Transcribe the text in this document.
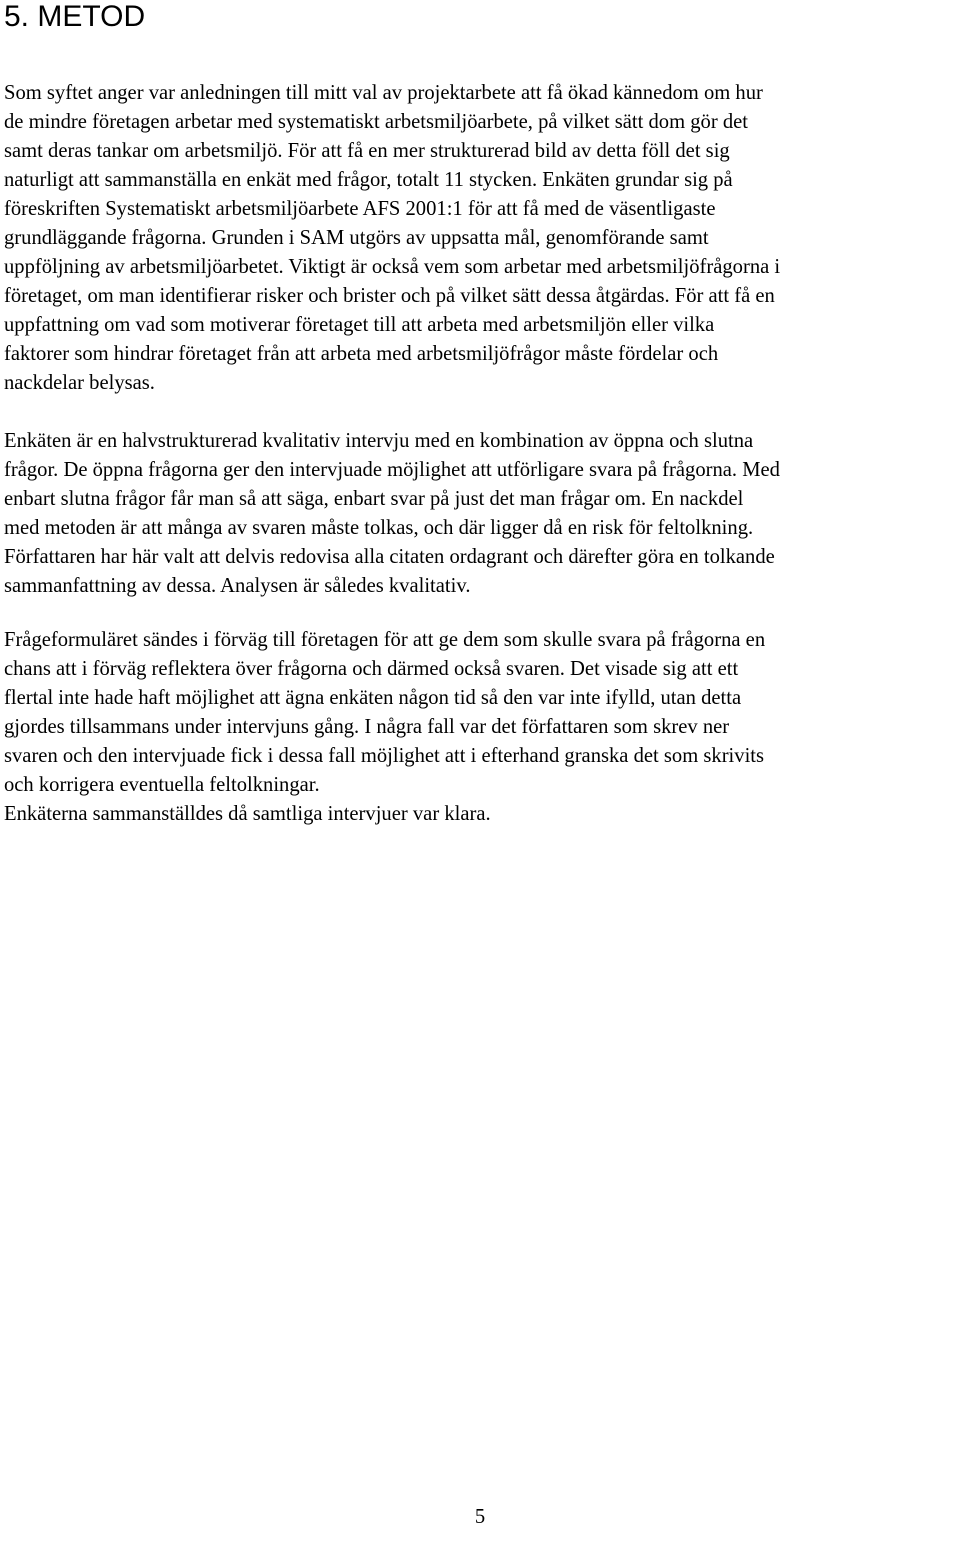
5. METOD

Som syftet anger var anledningen till mitt val av projektarbete att få ökad kännedom om hur

de mindre företagen arbetar med systematiskt arbetsmiljöarbete, på vilket sätt dom gör det

samt deras tankar om arbetsmiljö. För att få en mer strukturerad bild av detta föll det sig

naturligt att sammanställa en enkät med frågor, totalt 11 stycken. Enkäten grundar sig på

föreskriften Systematiskt arbetsmiljöarbete AFS 2001:1 för att få med de väsentligaste

grundläggande frågorna. Grunden i SAM utgörs av uppsatta mål, genomförande samt

uppföljning av arbetsmiljöarbetet. Viktigt är också vem som arbetar med arbetsmiljöfrågorna i

företaget, om man identifierar risker och brister och på vilket sätt dessa åtgärdas. För att få en

uppfattning om vad som motiverar företaget till att arbeta med arbetsmiljön eller vilka

faktorer som hindrar företaget från att arbeta med arbetsmiljöfrågor måste fördelar och

nackdelar belysas.

Enkäten är en halvstrukturerad kvalitativ intervju med en kombination av öppna och slutna

frågor. De öppna frågorna ger den intervjuade möjlighet att utförligare svara på frågorna. Med

enbart slutna frågor får man så att säga, enbart svar på just det man frågar om. En nackdel

med metoden är att många av svaren måste tolkas, och där ligger då en risk för feltolkning.

Författaren har här valt att delvis redovisa alla citaten ordagrant och därefter göra en tolkande

sammanfattning av dessa. Analysen är således kvalitativ.

Frågeformuläret sändes i förväg till företagen för att ge dem som skulle svara på frågorna en

chans att i förväg reflektera över frågorna och därmed också svaren. Det visade sig att ett

flertal inte hade haft möjlighet att ägna enkäten någon tid så den var inte ifylld, utan detta

gjordes tillsammans under intervjuns gång. I några fall var det författaren som skrev ner

svaren och den intervjuade fick i dessa fall möjlighet att i efterhand granska det som skrivits

och korrigera eventuella feltolkningar.

Enkäterna sammanställdes då samtliga intervjuer var klara.

5
